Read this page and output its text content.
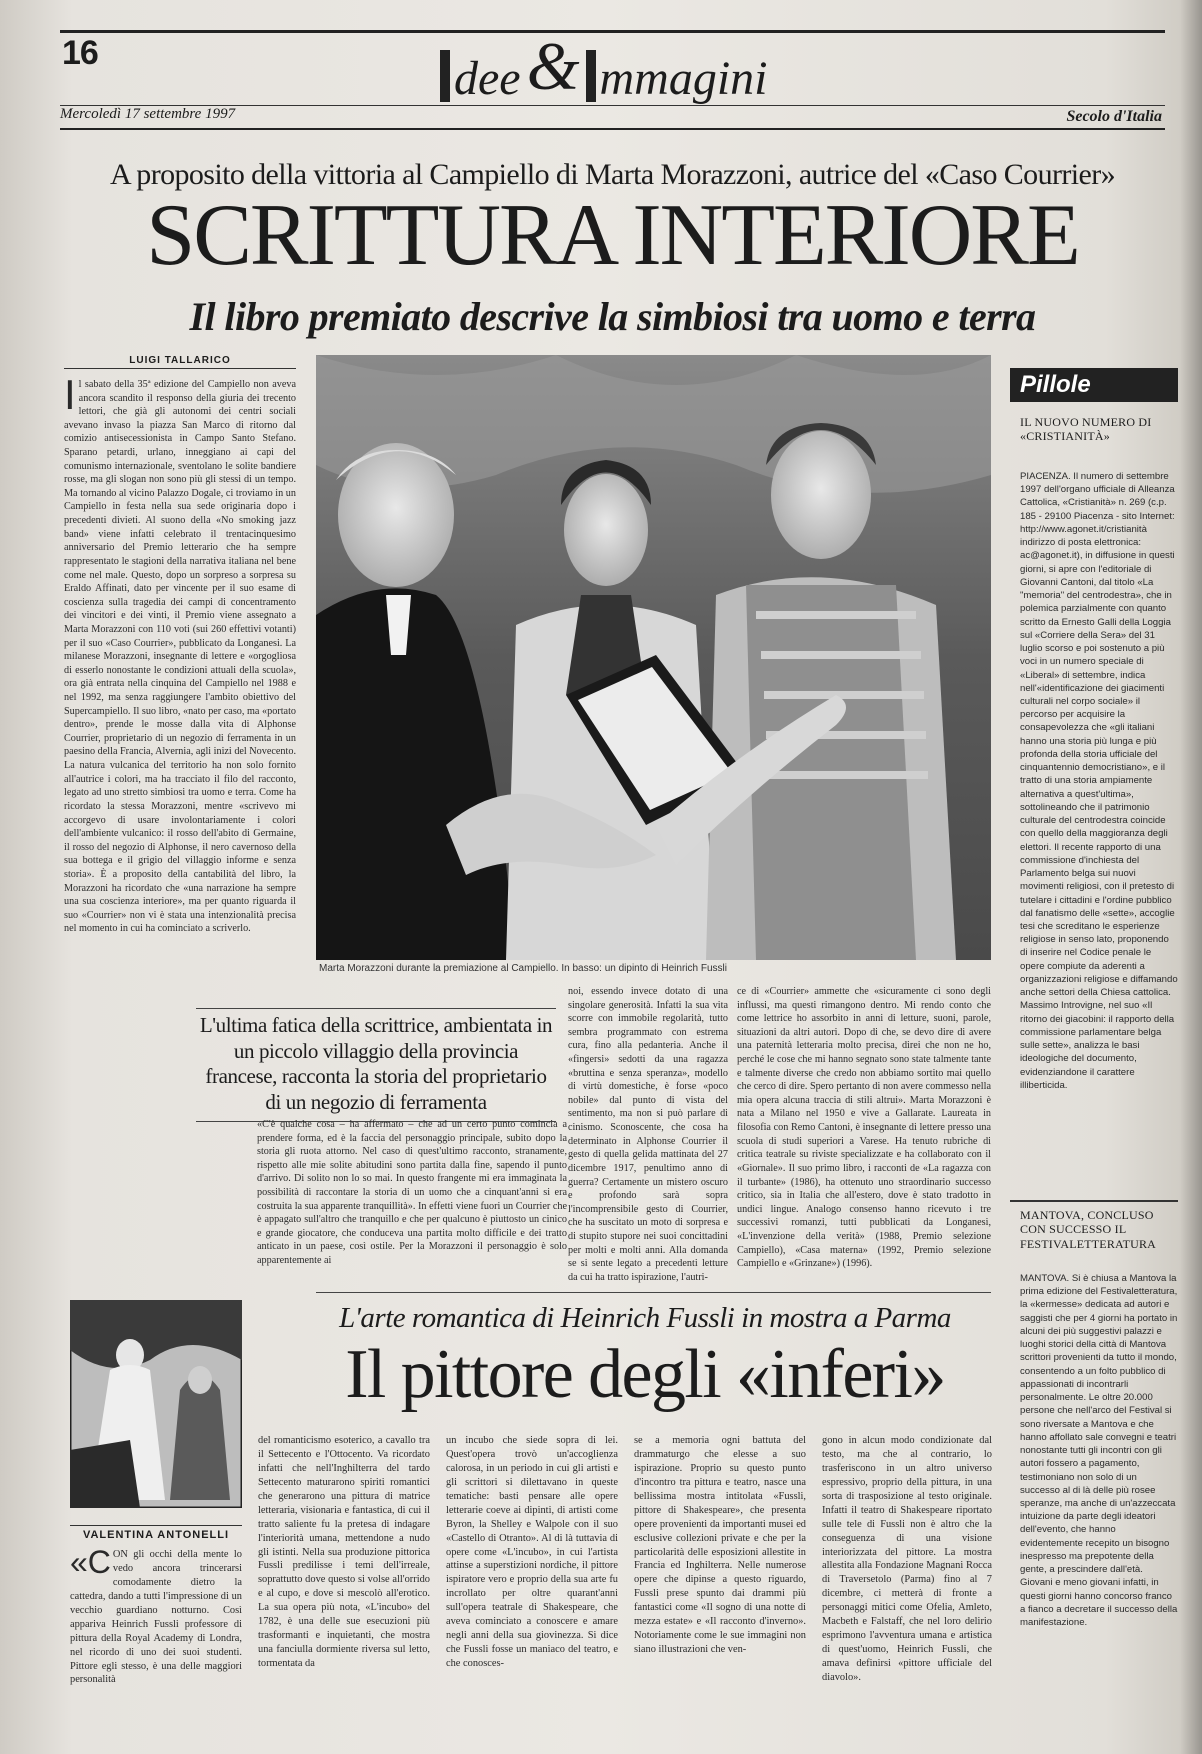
16	dee & mmagini
Mercoledì 17 settembre 1997	Secolo d'Italia
A proposito della vittoria al Campiello di Marta Morazzoni, autrice del «Caso Courrier»
SCRITTURA INTERIORE
Il libro premiato descrive la simbiosi tra uomo e terra
LUIGI TALLARICO
Il sabato della 35ª edizione del Campiello non aveva ancora scandito il responso della giuria dei trecento lettori, che già gli autonomi dei centri sociali avevano invaso la piazza San Marco di ritorno dal comizio antisecessionista in Campo Santo Stefano. Sparano petardi, urlano, inneggiano ai capi del comunismo internazionale, sventolano le solite bandiere rosse, ma gli slogan non sono più gli stessi di un tempo. Ma tornando al vicino Palazzo Dogale, ci troviamo in un Campiello in festa nella sua sede originaria dopo i precedenti divieti. Al suono della «No smoking jazz band» viene infatti celebrato il trentacinquesimo anniversario del Premio letterario che ha sempre rappresentato le stagioni della narrativa italiana nel bene come nel male. Questo, dopo un sorpreso a sorpresa su Eraldo Affinati, dato per vincente per il suo esame di coscienza sulla tragedia dei campi di concentramento dei vincitori e dei vinti, il Premio viene assegnato a Marta Morazzoni con 110 voti (sui 260 effettivi votanti) per il suo «Caso Courrier», pubblicato da Longanesi. La milanese Morazzoni, insegnante di lettere e «orgogliosa di esserlo nonostante le condizioni attuali della scuola», ora già entrata nella cinquina del Campiello nel 1988 e nel 1992, ma senza raggiungere l'ambito obiettivo del Supercampiello. Il suo libro, «nato per caso, ma «portato dentro», prende le mosse dalla vita di Alphonse Courrier, proprietario di un negozio di ferramenta in un paesino della Francia, Alvernia, agli inizi del Novecento. La natura vulcanica del territorio ha non solo fornito all'autrice i colori, ma ha tracciato il filo del racconto, legato ad uno stretto simbiosi tra uomo e terra. Come ha ricordato la stessa Morazzoni, mentre «scrivevo mi accorgevo di usare involontariamente i colori dell'ambiente vulcanico: il rosso dell'abito di Germaine, il rosso del negozio di Alphonse, il nero cavernoso della sua bottega e il grigio del villaggio informe e senza storia». È a proposito della cantabilità del libro, la Morazzoni ha ricordato che «una narrazione ha sempre una sua coscienza interiore», ma per quanto riguarda il suo «Courrier» non vi è stata una intenzionalità precisa nel momento in cui ha cominciato a scriverlo.
Marta Morazzoni durante la premiazione al Campiello. In basso: un dipinto di Heinrich Fussli
L'ultima fatica della scrittrice, ambientata in un piccolo villaggio della provincia francese, racconta la storia del proprietario di un negozio di ferramenta
«C'è qualche cosa – ha affermato – che ad un certo punto comincia a prendere forma, ed è la faccia del personaggio principale, subito dopo la storia gli ruota attorno. Nel caso di quest'ultimo racconto, stranamente, rispetto alle mie solite abitudini sono partita dalla fine, sapendo il punto d'arrivo. Di solito non lo so mai. In questo frangente mi era immaginata la possibilità di raccontare la storia di un uomo che a cinquant'anni si era costruita la sua apparente tranquillità». In effetti viene fuori un Courrier che è appagato sull'altro che tranquillo e che per qualcuno è piuttosto un cinico e grande giocatore, che conduceva una partita molto difficile e dei tratto anticato in un paese, così ostile. Per la Morazzoni il personaggio è solo apparentemente ai
noi, essendo invece dotato di una singolare generosità. Infatti la sua vita scorre con immobile regolarità, tutto sembra programmato con estrema cura, fino alla pedanteria. Anche il «fingersi» sedotti da una ragazza «bruttina e senza speranza», modello di virtù domestiche, è forse «poco nobile» dal punto di vista del sentimento, ma non si può parlare di cinismo. Sconoscente, che cosa ha determinato in Alphonse Courrier il gesto di quella gelida mattinata del 27 dicembre 1917, penultimo anno di guerra? Certamente un mistero oscuro e profondo sarà sopra l'incomprensibile gesto di Courrier, che ha suscitato un moto di sorpresa e di stupito stupore nei suoi concittadini per molti e molti anni. Alla domanda se si sente legato a precedenti letture da cui ha tratto ispirazione, l'autri-
ce di «Courrier» ammette che «sicuramente ci sono degli influssi, ma questi rimangono dentro. Mi rendo conto che come lettrice ho assorbito in anni di letture, suoni, parole, situazioni da altri autori. Dopo di che, se devo dire di avere una paternità letteraria molto precisa, direi che non ne ho, perché le cose che mi hanno segnato sono state talmente tante e talmente diverse che credo non abbiamo sortito mai quello che cerco di dire. Spero pertanto di non avere commesso nella mia opera alcuna traccia di stili altrui». Marta Morazzoni è nata a Milano nel 1950 e vive a Gallarate. Laureata in filosofia con Remo Cantoni, è insegnante di lettere presso una scuola di studi superiori a Varese. Ha tenuto rubriche di critica teatrale su riviste specializzate e ha collaborato con il «Giornale». Il suo primo libro, i racconti de «La ragazza con il turbante» (1986), ha ottenuto uno straordinario successo critico, sia in Italia che all'estero, dove è stato tradotto in undici lingue. Analogo consenso hanno ricevuto i tre successivi romanzi, tutti pubblicati da Longanesi, «L'invenzione della verità» (1988, Premio selezione Campiello), «Casa materna» (1992, Premio selezione Campiello e «Grinzane») (1996).
Pillole
IL NUOVO NUMERO DI «CRISTIANITÀ»
PIACENZA. Il numero di settembre 1997 dell'organo ufficiale di Alleanza Cattolica, «Cristianità» n. 269 (c.p. 185 - 29100 Piacenza - sito Internet: http://www.agonet.it/cristianità indirizzo di posta elettronica: ac@agonet.it), in diffusione in questi giorni, si apre con l'editoriale di Giovanni Cantoni, dal titolo «La "memoria" del centrodestra», che in polemica parzialmente con quanto scritto da Ernesto Galli della Loggia sul «Corriere della Sera» del 31 luglio scorso e poi sostenuto a più voci in un numero speciale di «Liberal» di settembre, indica nell'«identificazione dei giacimenti culturali nel corpo sociale» il percorso per acquisire la consapevolezza che «gli italiani hanno una storia più lunga e più profonda della storia ufficiale del cinquantennio democristiano», e il tratto di una storia ampiamente alternativa a quest'ultima», sottolineando che il patrimonio culturale del centrodestra coincide con quello della maggioranza degli elettori. Il recente rapporto di una commissione d'inchiesta del Parlamento belga sui nuovi movimenti religiosi, con il pretesto di tutelare i cittadini e l'ordine pubblico dal fanatismo delle «sette», accoglie tesi che screditano le esperienze religiose in senso lato, proponendo di inserire nel Codice penale le opere compiute da aderenti a organizzazioni religiose e diffamando anche settori della Chiesa cattolica. Massimo Introvigne, nel suo «Il ritorno dei giacobini: il rapporto della commissione parlamentare belga sulle sette», analizza le basi ideologiche del documento, evidenziandone il carattere illiberticida.
MANTOVA, CONCLUSO CON SUCCESSO IL FESTIVALETTERATURA
MANTOVA. Si è chiusa a Mantova la prima edizione del Festivaletteratura, la «kermesse» dedicata ad autori e saggisti che per 4 giorni ha portato in alcuni dei più suggestivi palazzi e luoghi storici della città di Mantova scrittori provenienti da tutto il mondo, consentendo a un folto pubblico di appassionati di incontrarli personalmente. Le oltre 20.000 persone che nell'arco del Festival si sono riversate a Mantova e che hanno affollato sale convegni e teatri nonostante tutti gli incontri con gli autori fossero a pagamento, testimoniano non solo di un successo al di là delle più rosee speranze, ma anche di un'azzeccata intuizione da parte degli ideatori dell'evento, che hanno evidentemente recepito un bisogno inespresso ma prepotente della gente, a prescindere dall'età. Giovani e meno giovani infatti, in questi giorni hanno concorso franco a fianco a decretare il successo della manifestazione.
L'arte romantica di Heinrich Fussli in mostra a Parma
Il pittore degli «inferi»
VALENTINA ANTONELLI
«CON gli occhi della mente lo vedo ancora trincerarsi comodamente dietro la cattedra, dando a tutti l'impressione di un vecchio guardiano notturno. Così appariva Heinrich Fussli professore di pittura della Royal Academy di Londra, nel ricordo di uno dei suoi studenti. Pittore egli stesso, è una delle maggiori personalità
del romanticismo esoterico, a cavallo tra il Settecento e l'Ottocento. Va ricordato infatti che nell'Inghilterra del tardo Settecento maturarono spiriti romantici che generarono una pittura di matrice letteraria, visionaria e fantastica, di cui il tratto saliente fu la pretesa di indagare l'interiorità umana, mettendone a nudo gli istinti. Nella sua produzione pittorica Fussli predilisse i temi dell'irreale, soprattutto dove questo si volse all'orrido e al cupo, e dove si mescolò all'erotico. La sua opera più nota, «L'incubo» del 1782, è una delle sue esecuzioni più trasformanti e inquietanti, che mostra una fanciulla dormiente riversa sul letto, tormentata da
un incubo che siede sopra di lei. Quest'opera trovò un'accoglienza calorosa, in un periodo in cui gli artisti e gli scrittori si dilettavano in queste tematiche: basti pensare alle opere letterarie coeve ai dipinti, di artisti come Byron, la Shelley e Walpole con il suo «Castello di Otranto». Al di là tuttavia di opere come «L'incubo», in cui l'artista attinse a superstizioni nordiche, il pittore ispiratore vero e proprio della sua arte fu incrollato per oltre quarant'anni sull'opera teatrale di Shakespeare, che aveva cominciato a conoscere e amare negli anni della sua giovinezza. Si dice che Fussli fosse un maniaco del teatro, e che conosces-
se a memoria ogni battuta del drammaturgo che elesse a suo ispirazione. Proprio su questo punto d'incontro tra pittura e teatro, nasce una bellissima mostra intitolata «Fussli, pittore di Shakespeare», che presenta opere provenienti da importanti musei ed esclusive collezioni private e che per la particolarità delle esposizioni allestite in Francia ed Inghilterra. Nelle numerose opere che dipinse a questo riguardo, Fussli prese spunto dai drammi più fantastici come «Il sogno di una notte di mezza estate» e «Il racconto d'inverno». Notoriamente come le sue immagini non siano illustrazioni che ven-
gono in alcun modo condizionate dal testo, ma che al contrario, lo trasferiscono in un altro universo espressivo, proprio della pittura, in una sorta di trasposizione al testo originale. Infatti il teatro di Shakespeare riportato sulle tele di Fussli non è altro che la conseguenza di una visione interiorizzata del pittore. La mostra allestita alla Fondazione Magnani Rocca di Traversetolo (Parma) fino al 7 dicembre, ci metterà di fronte a personaggi mitici come Ofelia, Amleto, Macbeth e Falstaff, che nel loro delirio esprimono l'avventura umana e artistica di quest'uomo, Heinrich Fussli, che amava definirsi «pittore ufficiale del diavolo».
